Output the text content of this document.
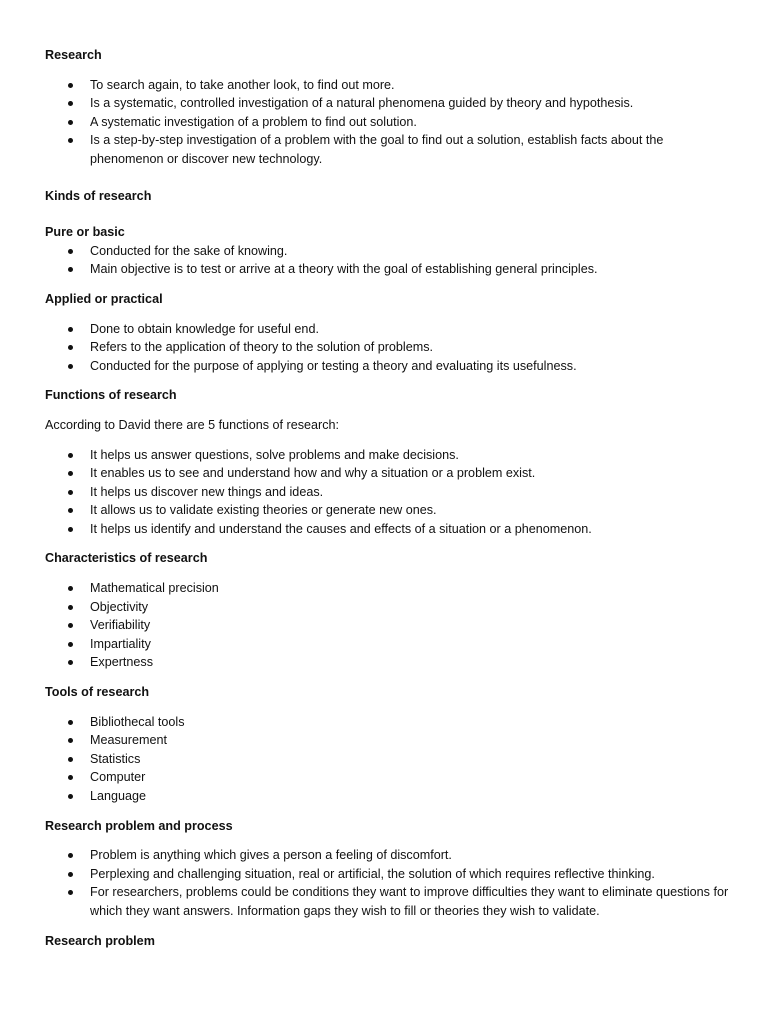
Research

To search again, to take another look, to find out more.
Is a systematic, controlled investigation of a natural phenomena guided by theory and hypothesis.
A systematic investigation of a problem to find out solution.
Is a step-by-step investigation of a problem with the goal to find out a solution, establish facts about the phenomenon or discover new technology.

Kinds of research

Pure or basic

Conducted for the sake of knowing.
Main objective is to test or arrive at a theory with the goal of establishing general principles.

Applied or practical

Done to obtain knowledge for useful end.
Refers to the application of theory to the solution of problems.
Conducted for the purpose of applying or testing a theory and evaluating its usefulness.

Functions of research

According to David there are 5 functions of research:

It helps us answer questions, solve problems and make decisions.
It enables us to see and understand how and why a situation or a problem exist.
It helps us discover new things and ideas.
It allows us to validate existing theories or generate new ones.
It helps us identify and understand the causes and effects of a situation or a phenomenon.

Characteristics of research

Mathematical precision
Objectivity
Verifiability
Impartiality
Expertness

Tools of research

Bibliothecal tools
Measurement
Statistics
Computer
Language

Research problem and process

Problem is anything which gives a person a feeling of discomfort.
Perplexing and challenging situation, real or artificial, the solution of which requires reflective thinking.
For researchers, problems could be conditions they want to improve difficulties they want to eliminate questions for which they want answers. Information gaps they wish to fill or theories they wish to validate.

Research problem
